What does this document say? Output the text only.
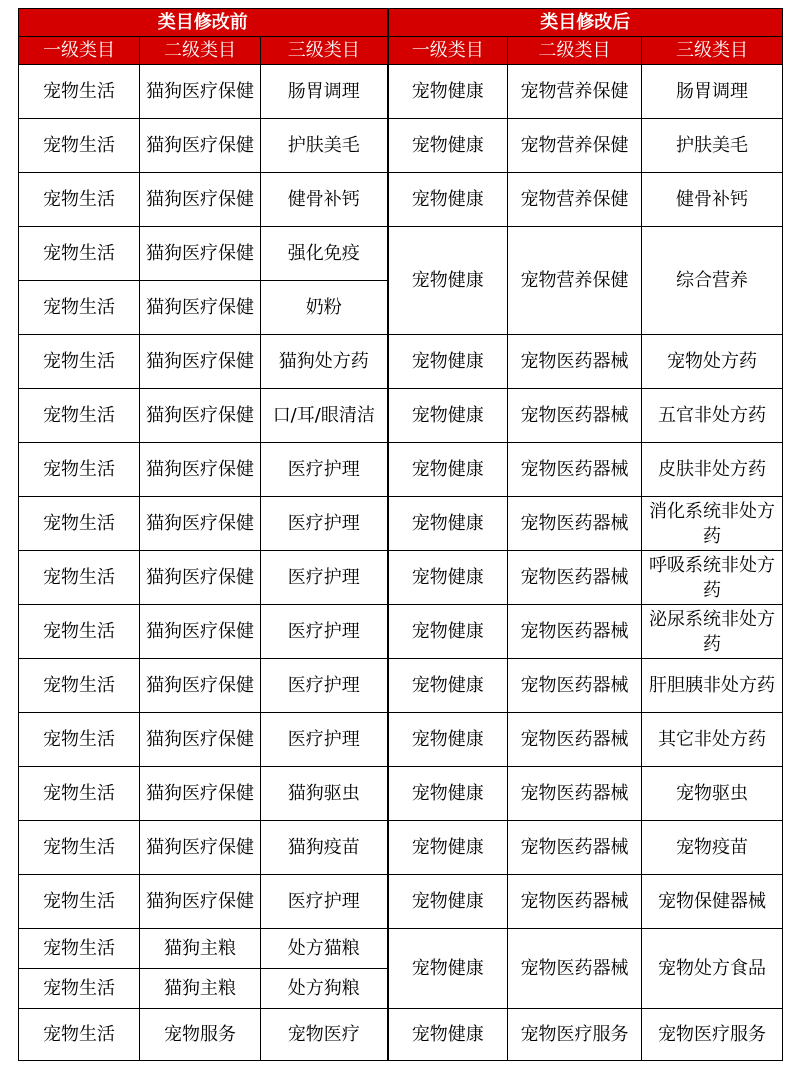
类目修改前			类目修改后		
一级类目	二级类目	三级类目	一级类目	二级类目	三级类目
宠物生活	猫狗医疗保健	肠胃调理	宠物健康	宠物营养保健	肠胃调理
宠物生活	猫狗医疗保健	护肤美毛	宠物健康	宠物营养保健	护肤美毛
宠物生活	猫狗医疗保健	健骨补钙	宠物健康	宠物营养保健	健骨补钙
宠物生活	猫狗医疗保健	强化免疫	宠物健康	宠物营养保健	综合营养
宠物生活	猫狗医疗保健	奶粉			
宠物生活	猫狗医疗保健	猫狗处方药	宠物健康	宠物医药器械	宠物处方药
宠物生活	猫狗医疗保健	口/耳/眼清洁	宠物健康	宠物医药器械	五官非处方药
宠物生活	猫狗医疗保健	医疗护理	宠物健康	宠物医药器械	皮肤非处方药
宠物生活	猫狗医疗保健	医疗护理	宠物健康	宠物医药器械	消化系统非处方药
宠物生活	猫狗医疗保健	医疗护理	宠物健康	宠物医药器械	呼吸系统非处方药
宠物生活	猫狗医疗保健	医疗护理	宠物健康	宠物医药器械	泌尿系统非处方药
宠物生活	猫狗医疗保健	医疗护理	宠物健康	宠物医药器械	肝胆胰非处方药
宠物生活	猫狗医疗保健	医疗护理	宠物健康	宠物医药器械	其它非处方药
宠物生活	猫狗医疗保健	猫狗驱虫	宠物健康	宠物医药器械	宠物驱虫
宠物生活	猫狗医疗保健	猫狗疫苗	宠物健康	宠物医药器械	宠物疫苗
宠物生活	猫狗医疗保健	医疗护理	宠物健康	宠物医药器械	宠物保健器械
宠物生活	猫狗主粮	处方猫粮	宠物健康	宠物医药器械	宠物处方食品
宠物生活	猫狗主粮	处方狗粮			
宠物生活	宠物服务	宠物医疗	宠物健康	宠物医疗服务	宠物医疗服务
